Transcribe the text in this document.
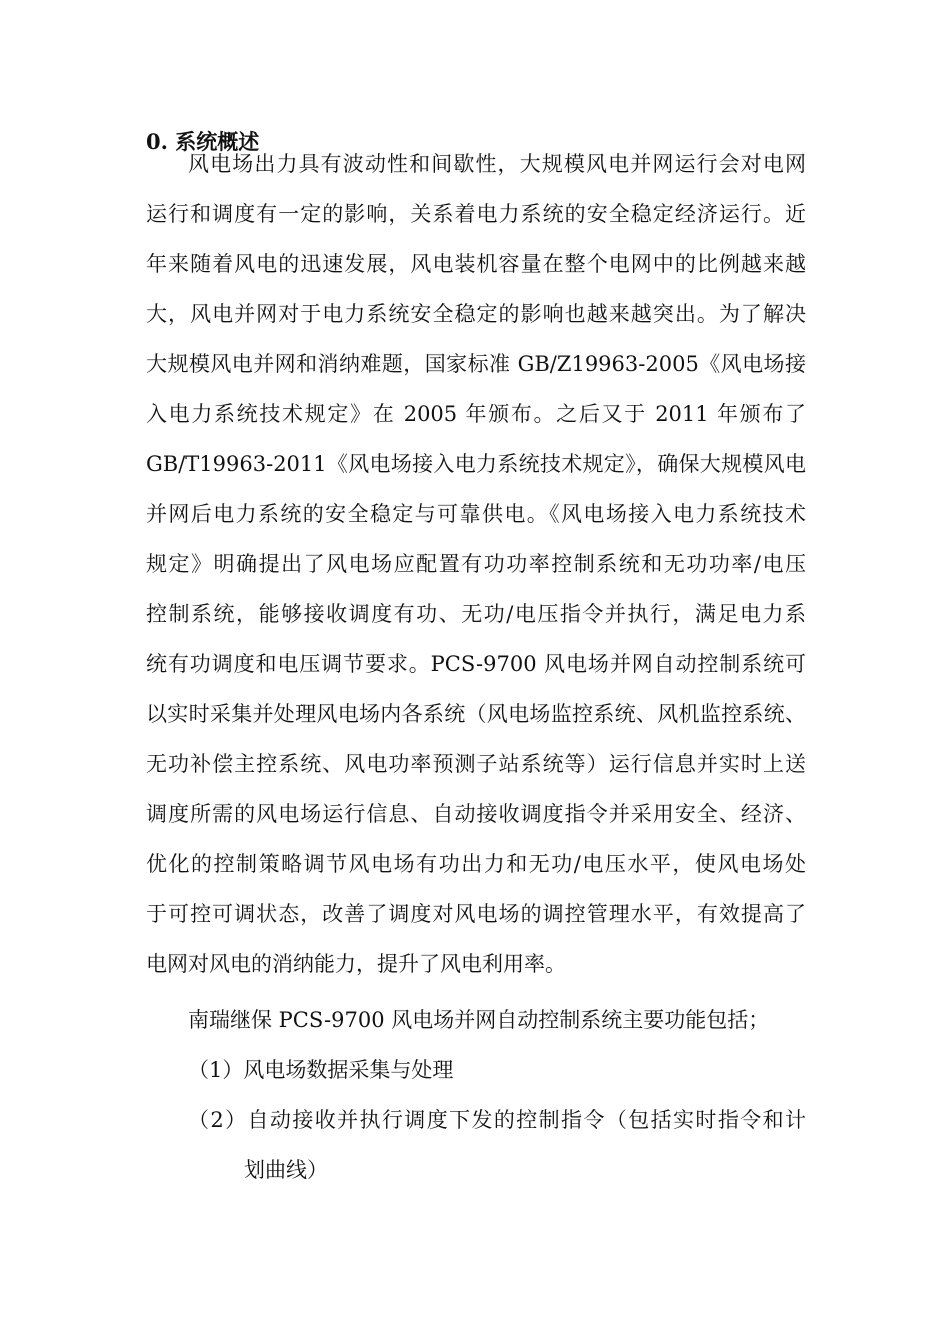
0. 系统概述
风电场出力具有波动性和间歇性，大规模风电并网运行会对电网
运行和调度有一定的影响，关系着电力系统的安全稳定经济运行。近
年来随着风电的迅速发展，风电装机容量在整个电网中的比例越来越
大，风电并网对于电力系统安全稳定的影响也越来越突出。为了解决
大规模风电并网和消纳难题，国家标准 GB/Z19963-2005《风电场接
入电力系统技术规定》在 2005 年颁布。之后又于 2011 年颁布了
GB/T19963-2011《风电场接入电力系统技术规定》，确保大规模风电
并网后电力系统的安全稳定与可靠供电。《风电场接入电力系统技术
规定》明确提出了风电场应配置有功功率控制系统和无功功率/电压
控制系统，能够接收调度有功、无功/电压指令并执行，满足电力系
统有功调度和电压调节要求。PCS-9700 风电场并网自动控制系统可
以实时采集并处理风电场内各系统（风电场监控系统、风机监控系统、
无功补偿主控系统、风电功率预测子站系统等）运行信息并实时上送
调度所需的风电场运行信息、自动接收调度指令并采用安全、经济、
优化的控制策略调节风电场有功出力和无功/电压水平，使风电场处
于可控可调状态，改善了调度对风电场的调控管理水平，有效提高了
电网对风电的消纳能力，提升了风电利用率。
南瑞继保 PCS-9700 风电场并网自动控制系统主要功能包括；
（1）风电场数据采集与处理
（2）自动接收并执行调度下发的控制指令（包括实时指令和计
划曲线）
